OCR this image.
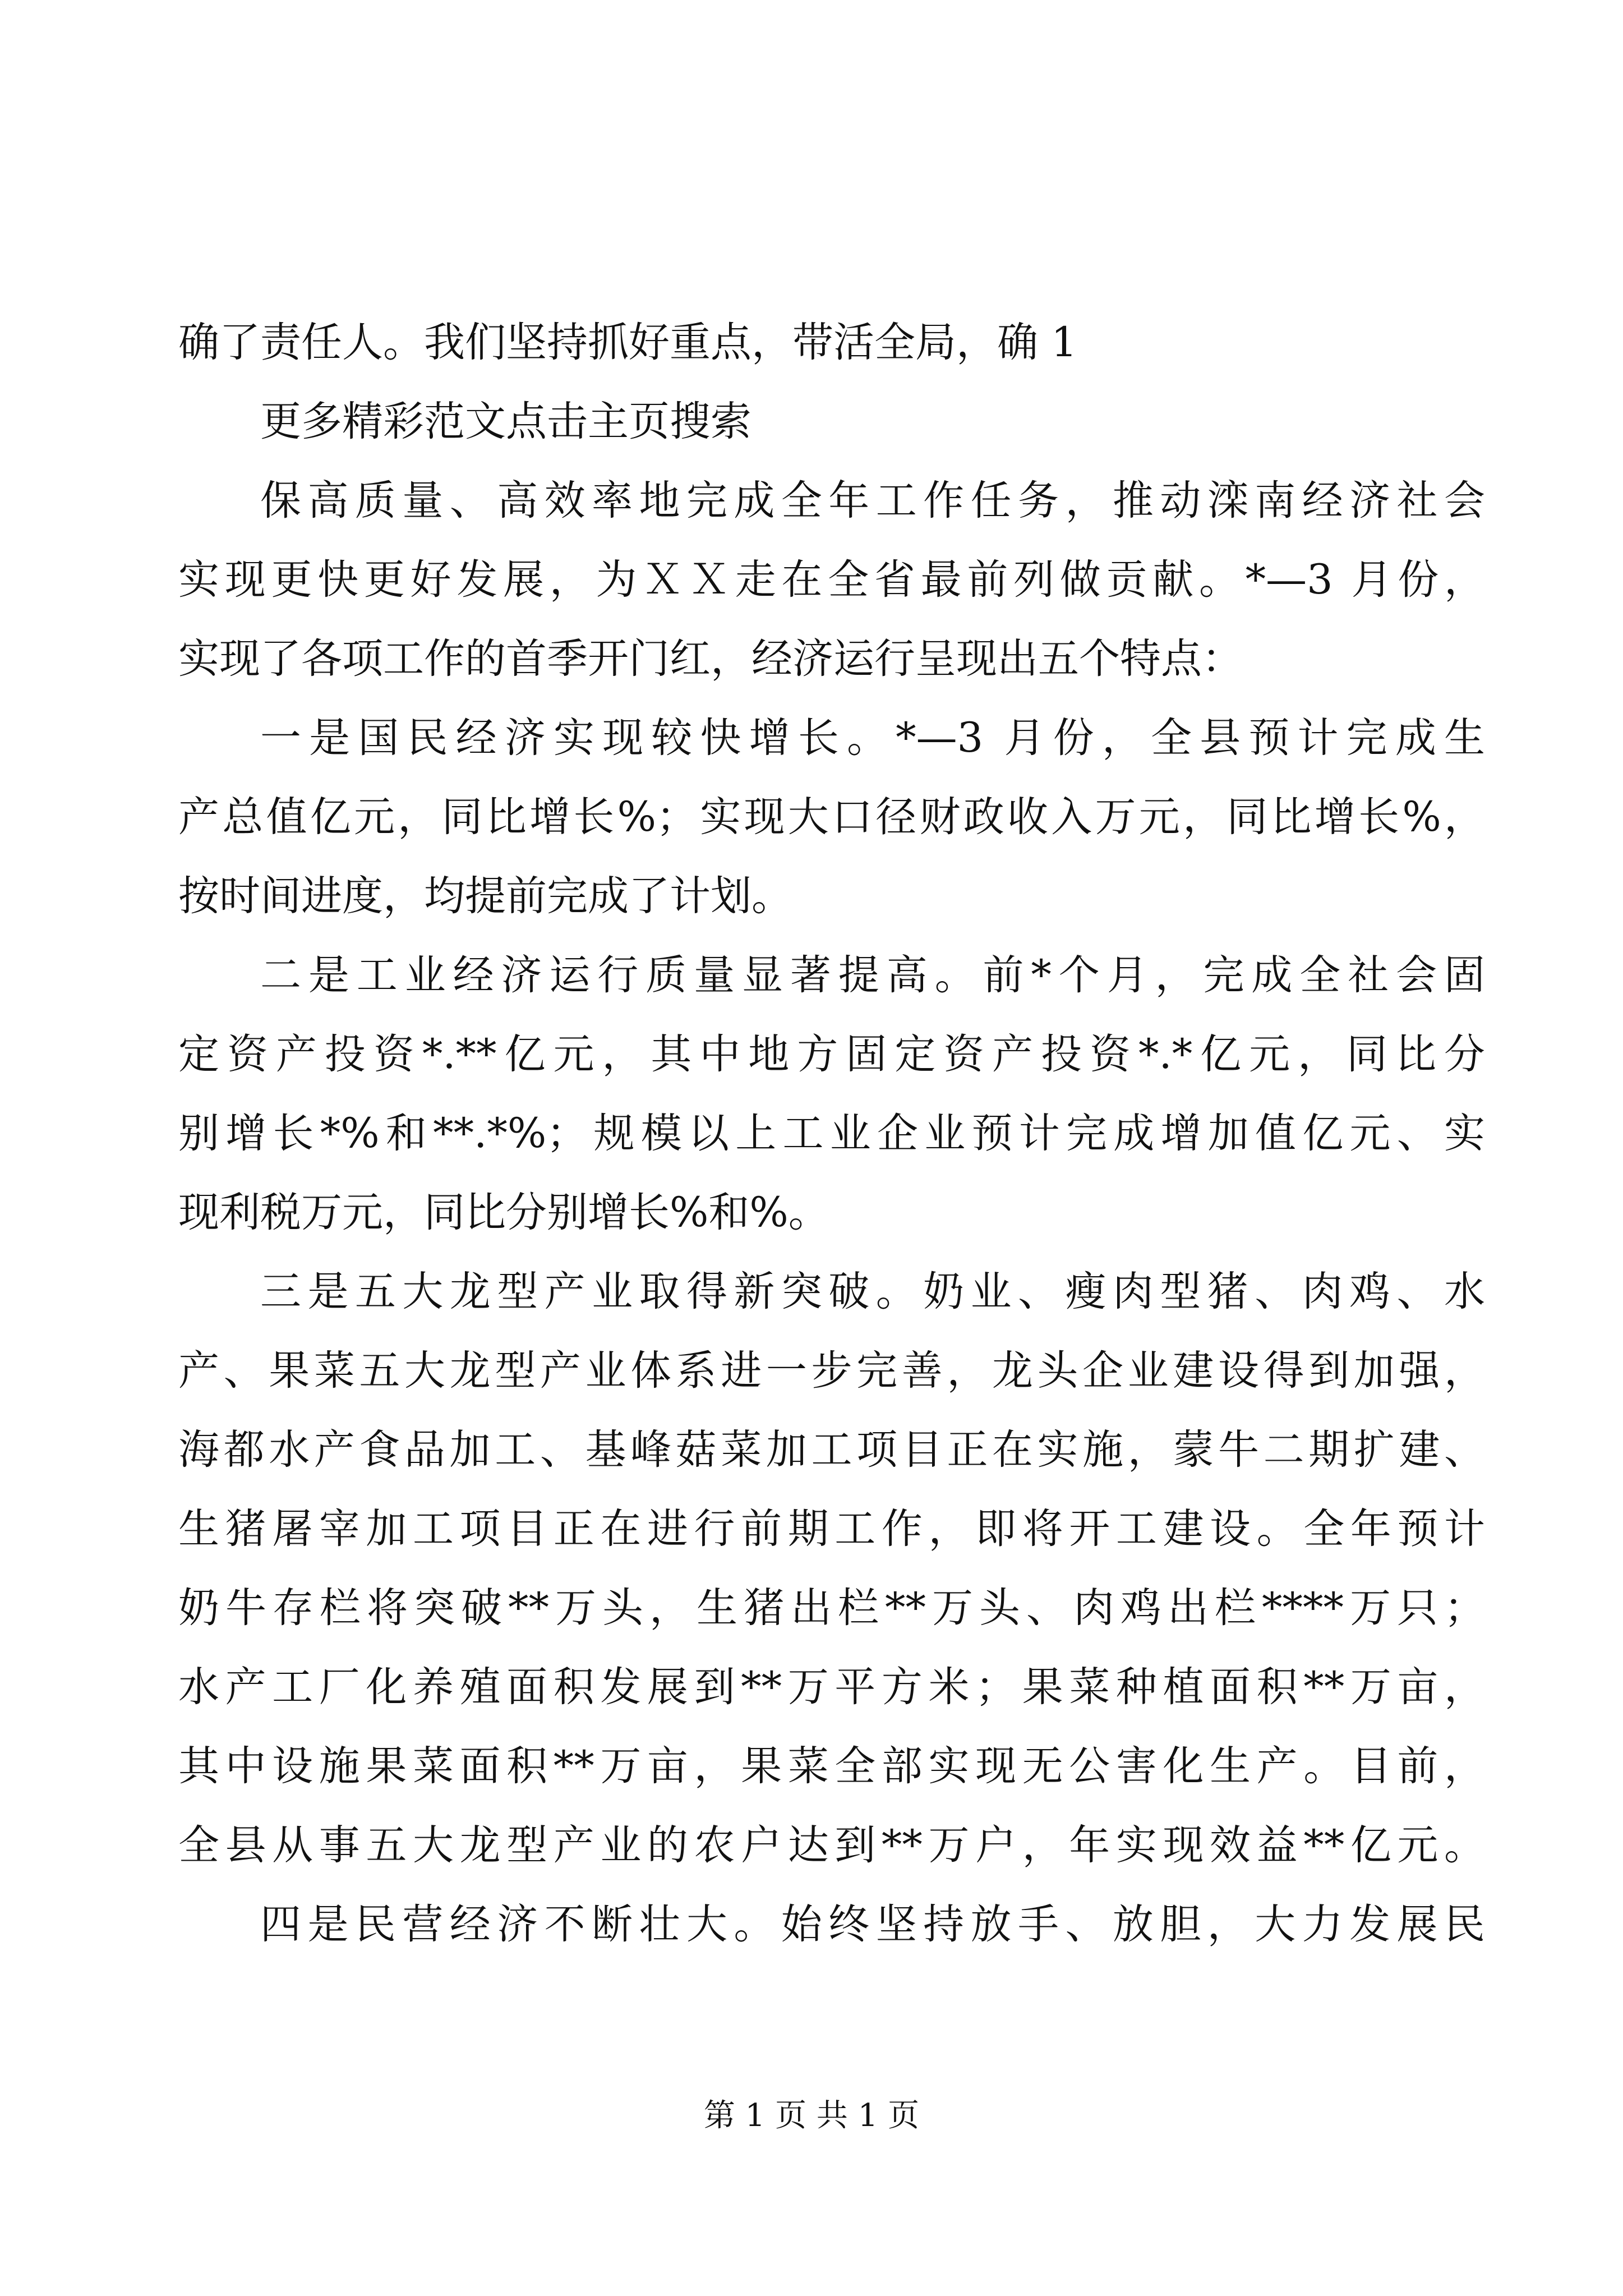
确了责任人。我们坚持抓好重点，带活全局，确 1
更多精彩范文点击主页搜索
保高质量、高效率地完成全年工作任务，推动滦南经济社会
实现更快更好发展，为ＸＸ走在全省最前列做贡献。*—3 月份，
实现了各项工作的首季开门红，经济运行呈现出五个特点：
一是国民经济实现较快增长。*—3 月份，全县预计完成生
产总值亿元，同比增长%；实现大口径财政收入万元，同比增长%，
按时间进度，均提前完成了计划。
二是工业经济运行质量显著提高。前*个月，完成全社会固
定资产投资*.**亿元，其中地方固定资产投资*.*亿元，同比分
别增长*%和**.*%；规模以上工业企业预计完成增加值亿元、实
现利税万元，同比分别增长%和%。
三是五大龙型产业取得新突破。奶业、瘦肉型猪、肉鸡、水
产、果菜五大龙型产业体系进一步完善，龙头企业建设得到加强，
海都水产食品加工、基峰菇菜加工项目正在实施，蒙牛二期扩建、
生猪屠宰加工项目正在进行前期工作，即将开工建设。全年预计
奶牛存栏将突破**万头，生猪出栏**万头、肉鸡出栏****万只；
水产工厂化养殖面积发展到**万平方米；果菜种植面积**万亩，
其中设施果菜面积**万亩，果菜全部实现无公害化生产。目前，
全县从事五大龙型产业的农户达到**万户，年实现效益**亿元。
四是民营经济不断壮大。始终坚持放手、放胆，大力发展民
第 1 页 共 1 页
